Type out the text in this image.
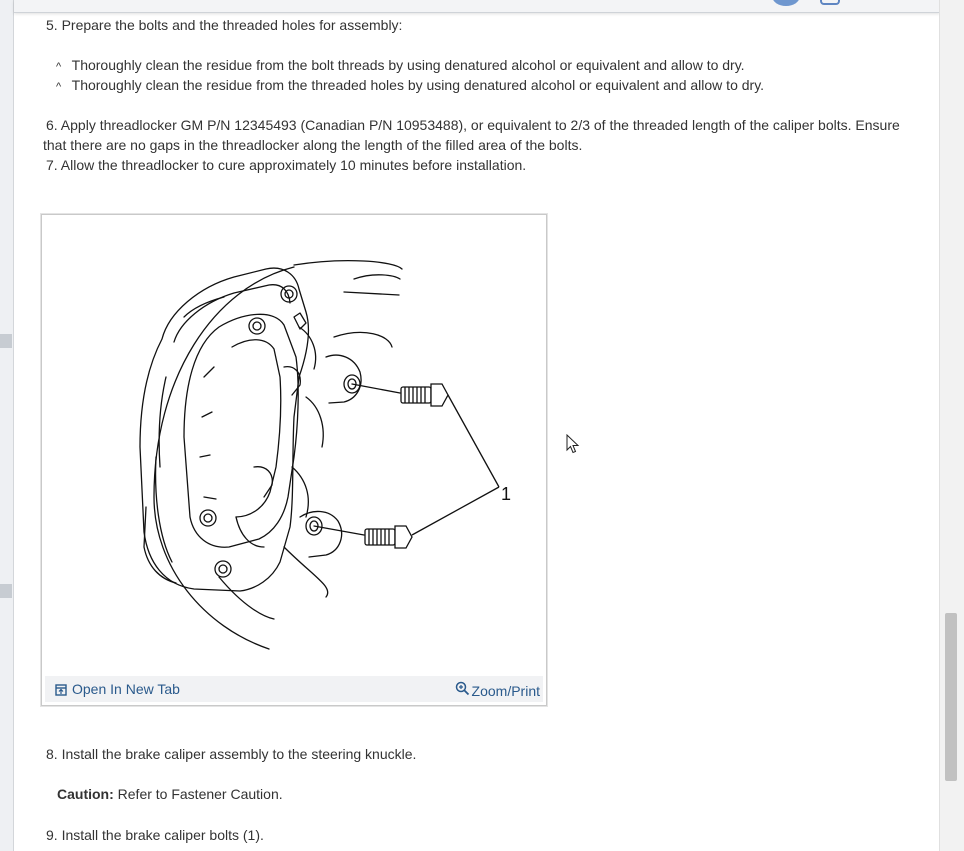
5. Prepare the bolts and the threaded holes for assembly:
^ Thoroughly clean the residue from the bolt threads by using denatured alcohol or equivalent and allow to dry.
^ Thoroughly clean the residue from the threaded holes by using denatured alcohol or equivalent and allow to dry.
6. Apply threadlocker GM P/N 12345493 (Canadian P/N 10953488), or equivalent to 2/3 of the threaded length of the caliper bolts. Ensure
that there are no gaps in the threadlocker along the length of the filled area of the bolts.
7. Allow the threadlocker to cure approximately 10 minutes before installation.
8. Install the brake caliper assembly to the steering knuckle.
Caution: Refer to Fastener Caution.
9. Install the brake caliper bolts (1).
1
Open In New Tab	Zoom/Print
